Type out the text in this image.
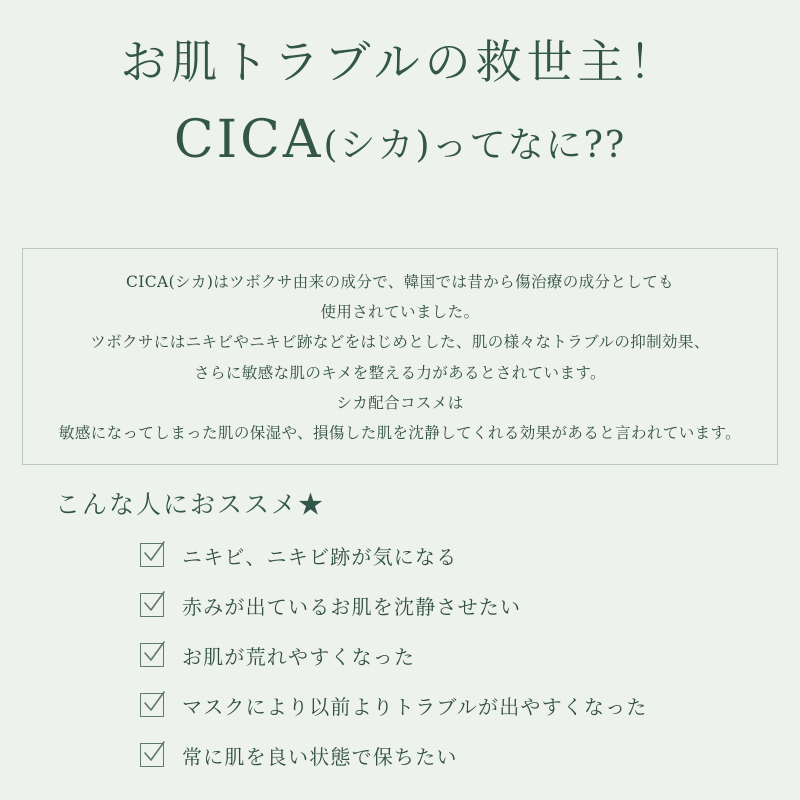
お肌トラブルの救世主！
CICA(シカ)ってなに??
CICA(シカ)はツボクサ由来の成分で、韓国では昔から傷治療の成分としても
使用されていました。
ツボクサにはニキビやニキビ跡などをはじめとした、肌の様々なトラブルの抑制効果、
さらに敏感な肌のキメを整える力があるとされています。
シカ配合コスメは
敏感になってしまった肌の保湿や、損傷した肌を沈静してくれる効果があると言われています。
こんな人におススメ★
ニキビ、ニキビ跡が気になる
赤みが出ているお肌を沈静させたい
お肌が荒れやすくなった
マスクにより以前よりトラブルが出やすくなった
常に肌を良い状態で保ちたい
